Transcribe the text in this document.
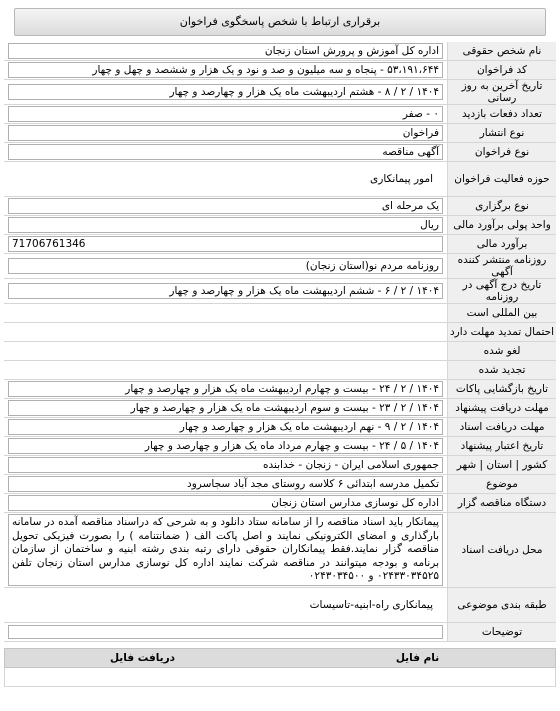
برقراری ارتباط با شخص پاسخگوی فراخوان
نام شخص حقوقی
اداره کل آموزش و پرورش استان زنجان
کد فراخوان
۵۳،۱۹۱،۶۴۴ - پنجاه و سه میلیون و صد و نود و یک هزار و ششصد و چهل و چهار
تاریخ آخرین به روز رسانی
۱۴۰۴ / ۲ / ۸ - هشتم اردیبهشت ماه یک هزار و چهارصد و چهار
تعداد دفعات بازدید
۰ - صفر
نوع انتشار
فراخوان
نوع فراخوان
آگهی مناقصه
حوزه فعالیت فراخوان
امور پیمانکاری
نوع برگزاری
یک مرحله ای
واحد پولی برآورد مالی
ریال
برآورد مالی
71706761346
روزنامه منتشر کننده آگهی
روزنامه مردم نو(استان زنجان)
تاریخ درج آگهی در روزنامه
۱۴۰۴ / ۲ / ۶ - ششم اردیبهشت ماه یک هزار و چهارصد و چهار
بین المللی است
احتمال تمدید مهلت دارد
لغو شده
تجدید شده
تاریخ بازگشایی پاکات
۱۴۰۴ / ۲ / ۲۴ - بیست و چهارم اردیبهشت ماه یک هزار و چهارصد و چهار
مهلت دریافت پیشنهاد
۱۴۰۴ / ۲ / ۲۳ - بیست و سوم اردیبهشت ماه یک هزار و چهارصد و چهار
مهلت دریافت اسناد
۱۴۰۴ / ۲ / ۹ - نهم اردیبهشت ماه یک هزار و چهارصد و چهار
تاریخ اعتبار پیشنهاد
۱۴۰۴ / ۵ / ۲۴ - بیست و چهارم مرداد ماه یک هزار و چهارصد و چهار
کشور | استان | شهر
جمهوری اسلامی ایران - زنجان - خدابنده
موضوع
تکمیل مدرسه ابتدائی ۶ کلاسه روستای مجد آباد سجاسرود
دستگاه مناقصه گزار
اداره کل نوسازی مدارس استان زنجان
محل دریافت اسناد
پیمانکار باید اسناد مناقصه را از سامانه ستاد دانلود و به شرحی که دراسناد مناقصه آمده در سامانه بارگذاری و امضای الکترونیکی نمایند و اصل پاکت الف ( ضمانتنامه ) را بصورت فیزیکی تحویل مناقصه گزار نمایند.فقط پیمانکاران حقوقی دارای رتبه بندی رشته ابنیه و ساختمان از سازمان برنامه و بودجه میتوانند در مناقصه شرکت نمایند اداره کل نوسازی مدارس استان زنجان تلفن ۰۲۴۳۳۰۳۴۵۲۵ و ۰۲۴۳۰۳۴۵۰۰
طبقه بندی موضوعی
پیمانکاری راه-ابنیه-تاسیسات
توضیحات
نام فایل
دریافت فایل
